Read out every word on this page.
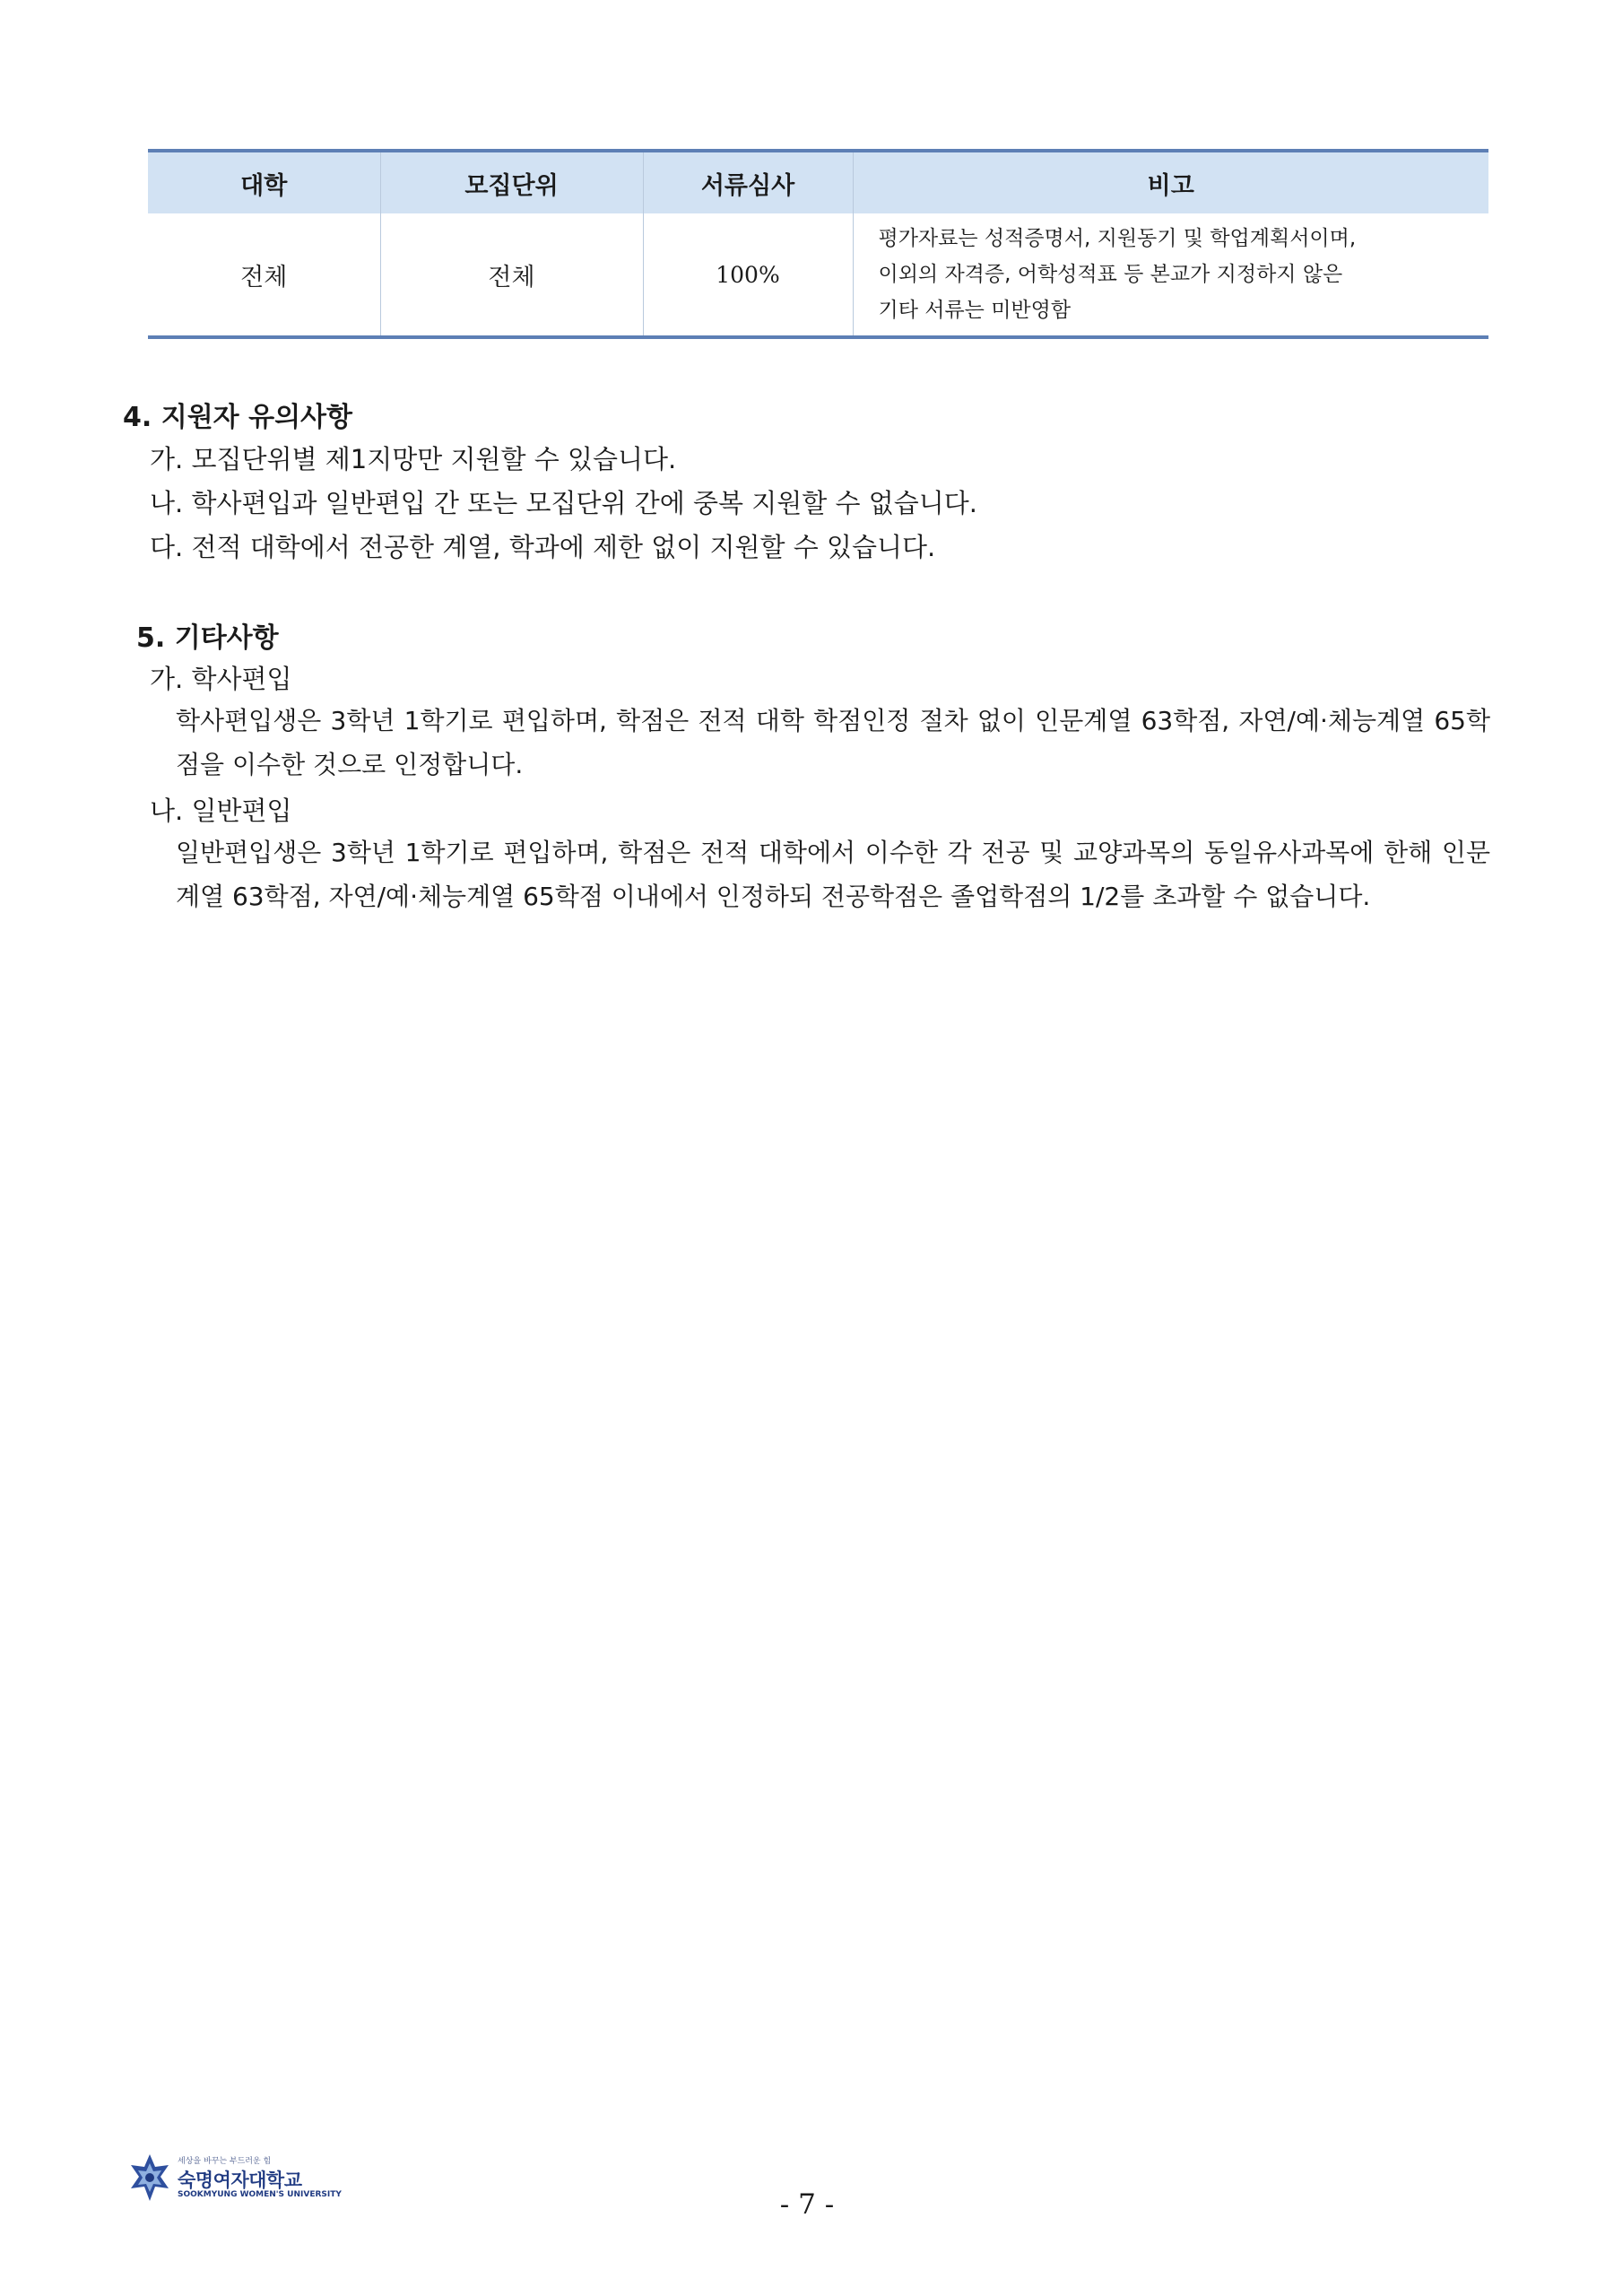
대학	모집단위	서류심사	비고
전체	전체	100%	평가자료는 성적증명서, 지원동기 및 학업계획서이며,
이외의 자격증, 어학성적표 등 본교가 지정하지 않은
기타 서류는 미반영함
4. 지원자 유의사항
가. 모집단위별 제1지망만 지원할 수 있습니다.
나. 학사편입과 일반편입 간 또는 모집단위 간에 중복 지원할 수 없습니다.
다. 전적 대학에서 전공한 계열, 학과에 제한 없이 지원할 수 있습니다.
5. 기타사항
가. 학사편입
학사편입생은 3학년 1학기로 편입하며, 학점은 전적 대학 학점인정 절차 없이 인문계열 63학점, 자연/예·체능계열 65학점을 이수한 것으로 인정합니다.
나. 일반편입
일반편입생은 3학년 1학기로 편입하며, 학점은 전적 대학에서 이수한 각 전공 및 교양과목의 동일유사과목에 한해 인문계열 63학점, 자연/예·체능계열 65학점 이내에서 인정하되 전공학점은 졸업학점의 1/2를 초과할 수 없습니다.
세상을 바꾸는 부드러운 힘
숙명여자대학교
SOOKMYUNG WOMEN'S UNIVERSITY	- 7 -
